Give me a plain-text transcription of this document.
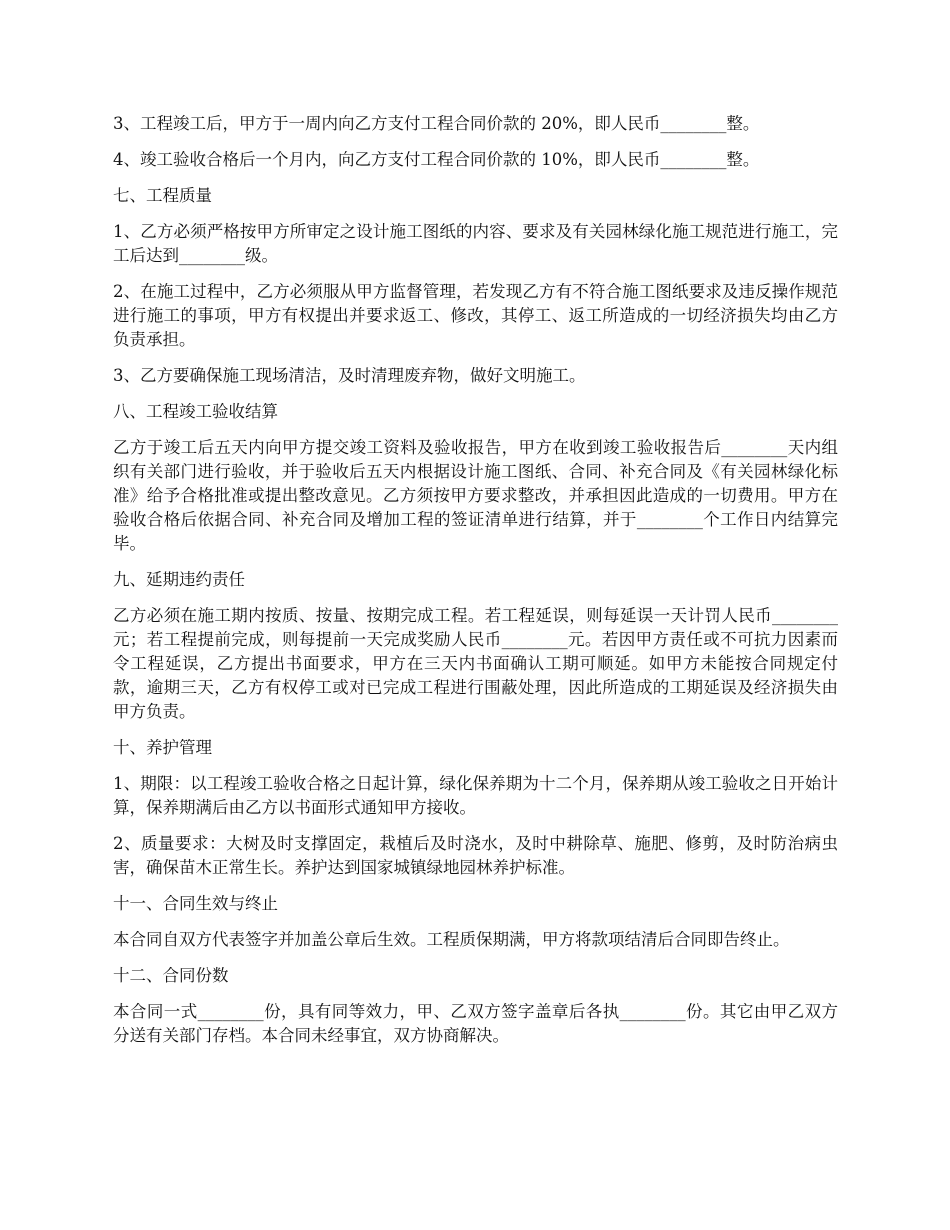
3、工程竣工后，甲方于一周内向乙方支付工程合同价款的 20%，即人民币________整。

4、竣工验收合格后一个月内，向乙方支付工程合同价款的 10%，即人民币________整。

七、工程质量

1、乙方必须严格按甲方所审定之设计施工图纸的内容、要求及有关园林绿化施工规范进行施工，完工后达到________级。

2、在施工过程中，乙方必须服从甲方监督管理，若发现乙方有不符合施工图纸要求及违反操作规范进行施工的事项，甲方有权提出并要求返工、修改，其停工、返工所造成的一切经济损失均由乙方负责承担。

3、乙方要确保施工现场清洁，及时清理废弃物，做好文明施工。

八、工程竣工验收结算

乙方于竣工后五天内向甲方提交竣工资料及验收报告，甲方在收到竣工验收报告后________天内组织有关部门进行验收，并于验收后五天内根据设计施工图纸、合同、补充合同及《有关园林绿化标准》给予合格批准或提出整改意见。乙方须按甲方要求整改，并承担因此造成的一切费用。甲方在验收合格后依据合同、补充合同及增加工程的签证清单进行结算，并于________个工作日内结算完毕。

九、延期违约责任

乙方必须在施工期内按质、按量、按期完成工程。若工程延误，则每延误一天计罚人民币________元；若工程提前完成，则每提前一天完成奖励人民币________元。若因甲方责任或不可抗力因素而令工程延误，乙方提出书面要求，甲方在三天内书面确认工期可顺延。如甲方未能按合同规定付款，逾期三天，乙方有权停工或对已完成工程进行围蔽处理，因此所造成的工期延误及经济损失由甲方负责。

十、养护管理

1、期限：以工程竣工验收合格之日起计算，绿化保养期为十二个月，保养期从竣工验收之日开始计算，保养期满后由乙方以书面形式通知甲方接收。

2、质量要求：大树及时支撑固定，栽植后及时浇水，及时中耕除草、施肥、修剪，及时防治病虫害，确保苗木正常生长。养护达到国家城镇绿地园林养护标准。

十一、合同生效与终止

本合同自双方代表签字并加盖公章后生效。工程质保期满，甲方将款项结清后合同即告终止。

十二、合同份数

本合同一式________份，具有同等效力，甲、乙双方签字盖章后各执________份。其它由甲乙双方分送有关部门存档。本合同未经事宜，双方协商解决。
